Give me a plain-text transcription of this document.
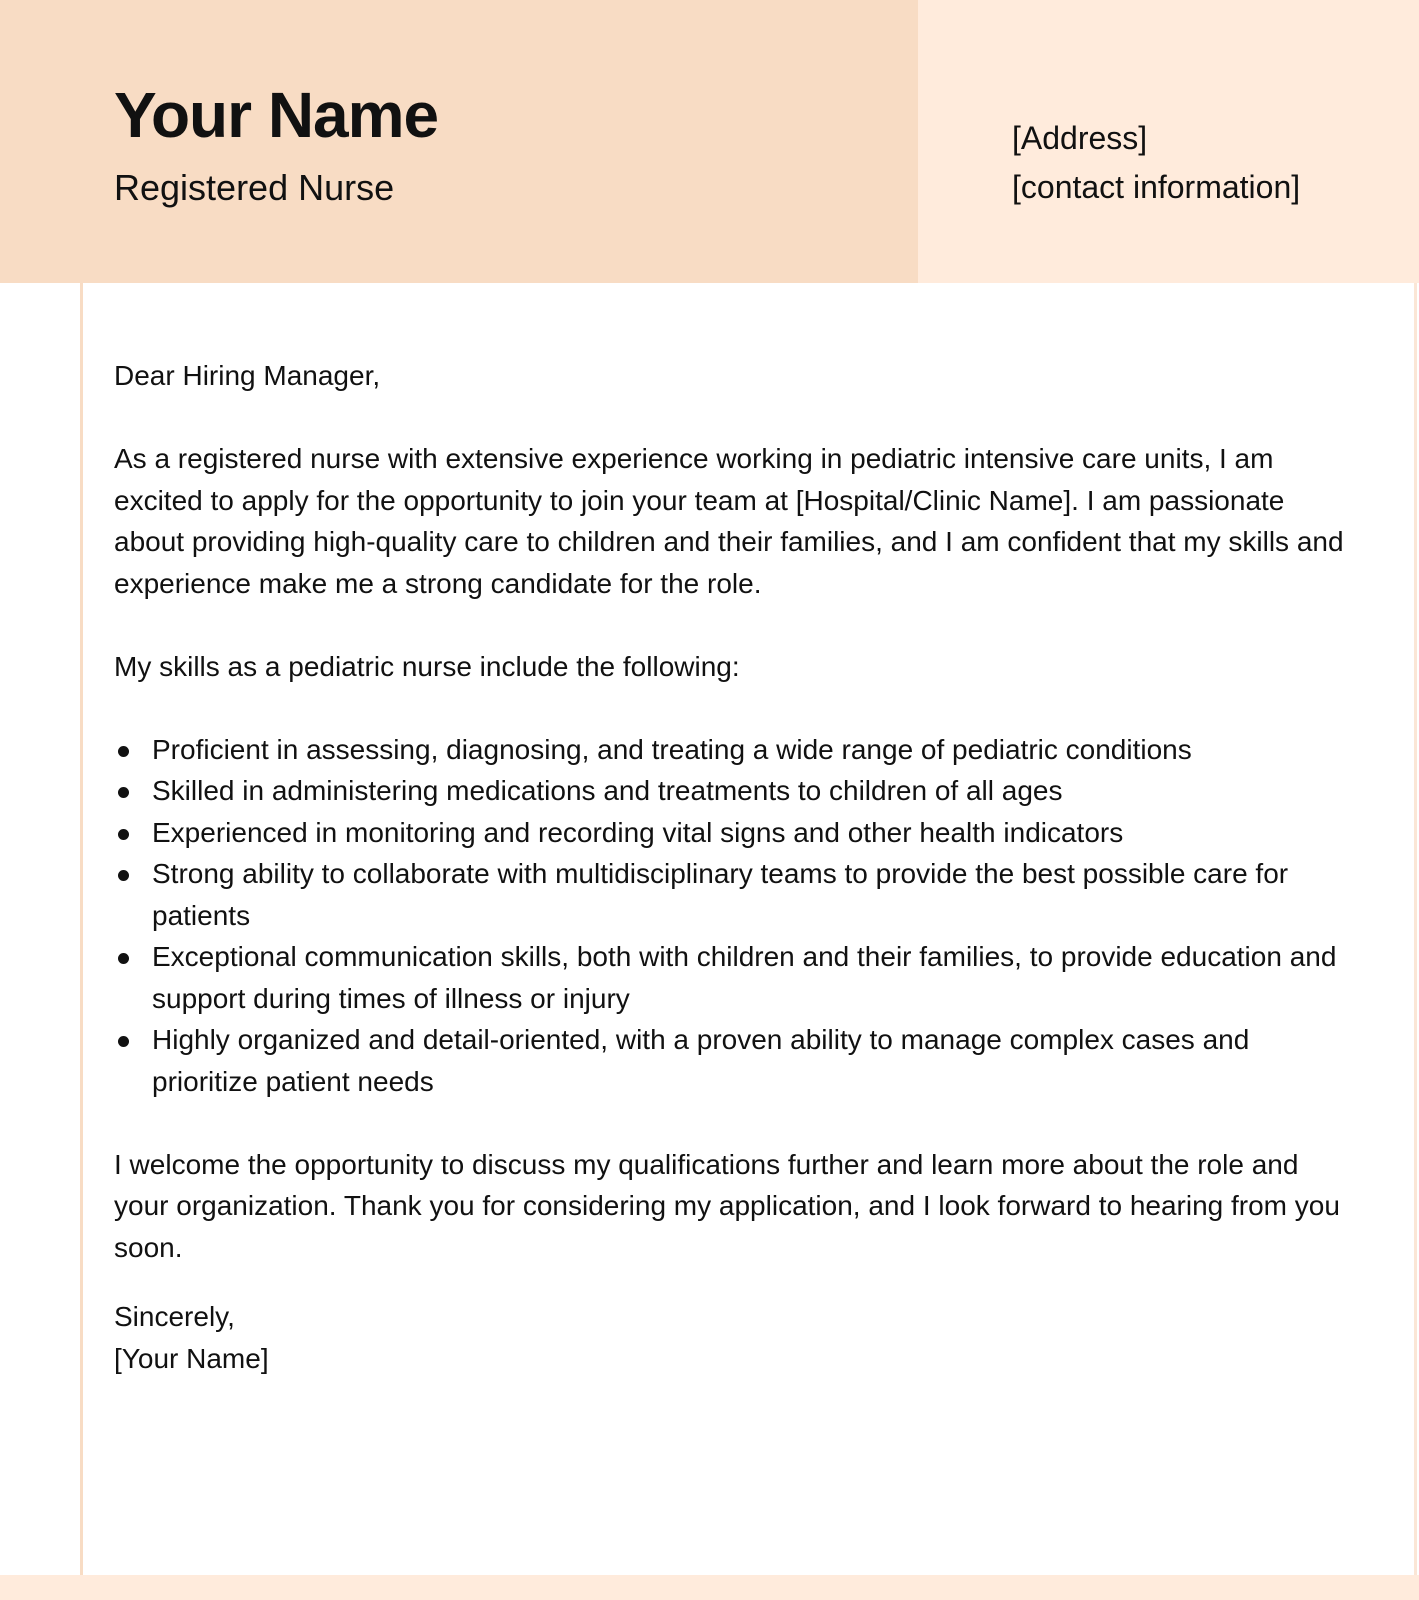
Your Name
Registered Nurse
[Address]
[contact information]

Dear Hiring Manager,

As a registered nurse with extensive experience working in pediatric intensive care units, I am excited to apply for the opportunity to join your team at [Hospital/Clinic Name]. I am passionate about providing high-quality care to children and their families, and I am confident that my skills and experience make me a strong candidate for the role.

My skills as a pediatric nurse include the following:

Proficient in assessing, diagnosing, and treating a wide range of pediatric conditions
Skilled in administering medications and treatments to children of all ages
Experienced in monitoring and recording vital signs and other health indicators
Strong ability to collaborate with multidisciplinary teams to provide the best possible care for patients
Exceptional communication skills, both with children and their families, to provide education and support during times of illness or injury
Highly organized and detail-oriented, with a proven ability to manage complex cases and prioritize patient needs

I welcome the opportunity to discuss my qualifications further and learn more about the role and your organization. Thank you for considering my application, and I look forward to hearing from you soon.

Sincerely,

[Your Name]
